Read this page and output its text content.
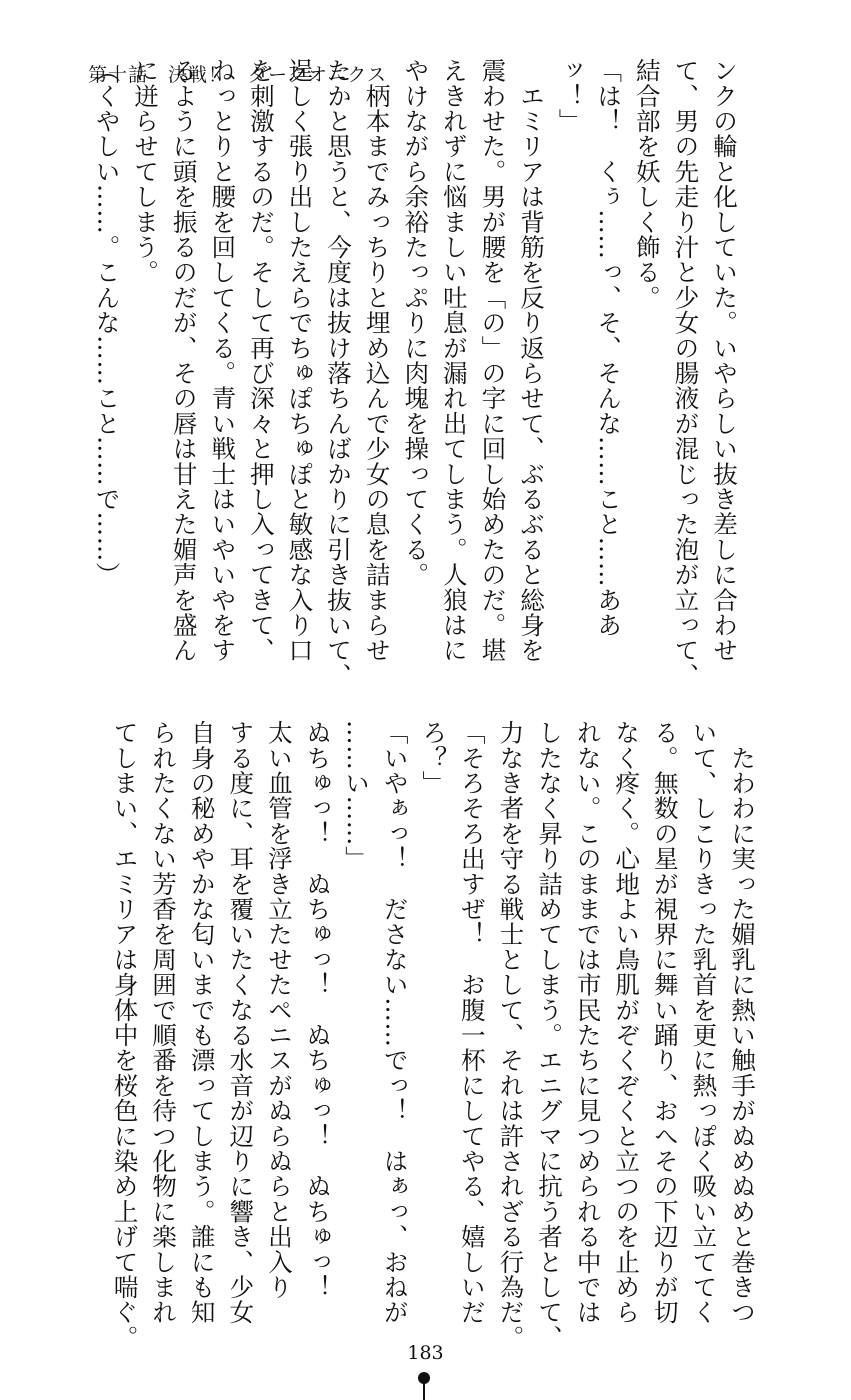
第十話　決戦！　ダークオニクス	ンクの輪と化していた。いやらしい抜き差しに合わせ

て、男の先走り汁と少女の腸液が混じった泡が立って、

結合部を妖しく飾る。

「は！　くぅ……っ、そ、そんな……こと……ああ

ッ！」

　エミリアは背筋を反り返らせて、ぶるぶると総身を

震わせた。男が腰を「の」の字に回し始めたのだ。堪

えきれずに悩ましい吐息が漏れ出てしまう。人狼はに

やけながら余裕たっぷりに肉塊を操ってくる。

　柄本までみっちりと埋め込んで少女の息を詰まらせ

たかと思うと、今度は抜け落ちんばかりに引き抜いて、

逞しく張り出したえらでちゅぽちゅぽと敏感な入り口

を刺激するのだ。そして再び深々と押し入ってきて、

ねっとりと腰を回してくる。青い戦士はいやいやをす

るように頭を振るのだが、その唇は甘えた媚声を盛ん

に迸らせてしまう。

（くやしい……。こんな……こと……で……）

　たわわに実った媚乳に熱い触手がぬめぬめと巻きつ

いて、しこりきった乳首を更に熱っぽく吸い立ててく

る。無数の星が視界に舞い踊り、おへその下辺りが切

なく疼く。心地よい鳥肌がぞくぞくと立つのを止めら

れない。このままでは市民たちに見つめられる中では

したなく昇り詰めてしまう。エニグマに抗う者として、

力なき者を守る戦士として、それは許されざる行為だ。

「そろそろ出すぜ！　お腹一杯にしてやる、嬉しいだ

ろ？」

「いやぁっ！　ださない……でっ！　はぁっ、おねが

……い……」

ぬちゅっ！　ぬちゅっ！　ぬちゅっ！　ぬちゅっ！

太い血管を浮き立たせたペニスがぬらぬらと出入り

する度に、耳を覆いたくなる水音が辺りに響き、少女

自身の秘めやかな匂いまでも漂ってしまう。誰にも知

られたくない芳香を周囲で順番を待つ化物に楽しまれ

てしまい、エミリアは身体中を桜色に染め上げて喘ぐ。

183
